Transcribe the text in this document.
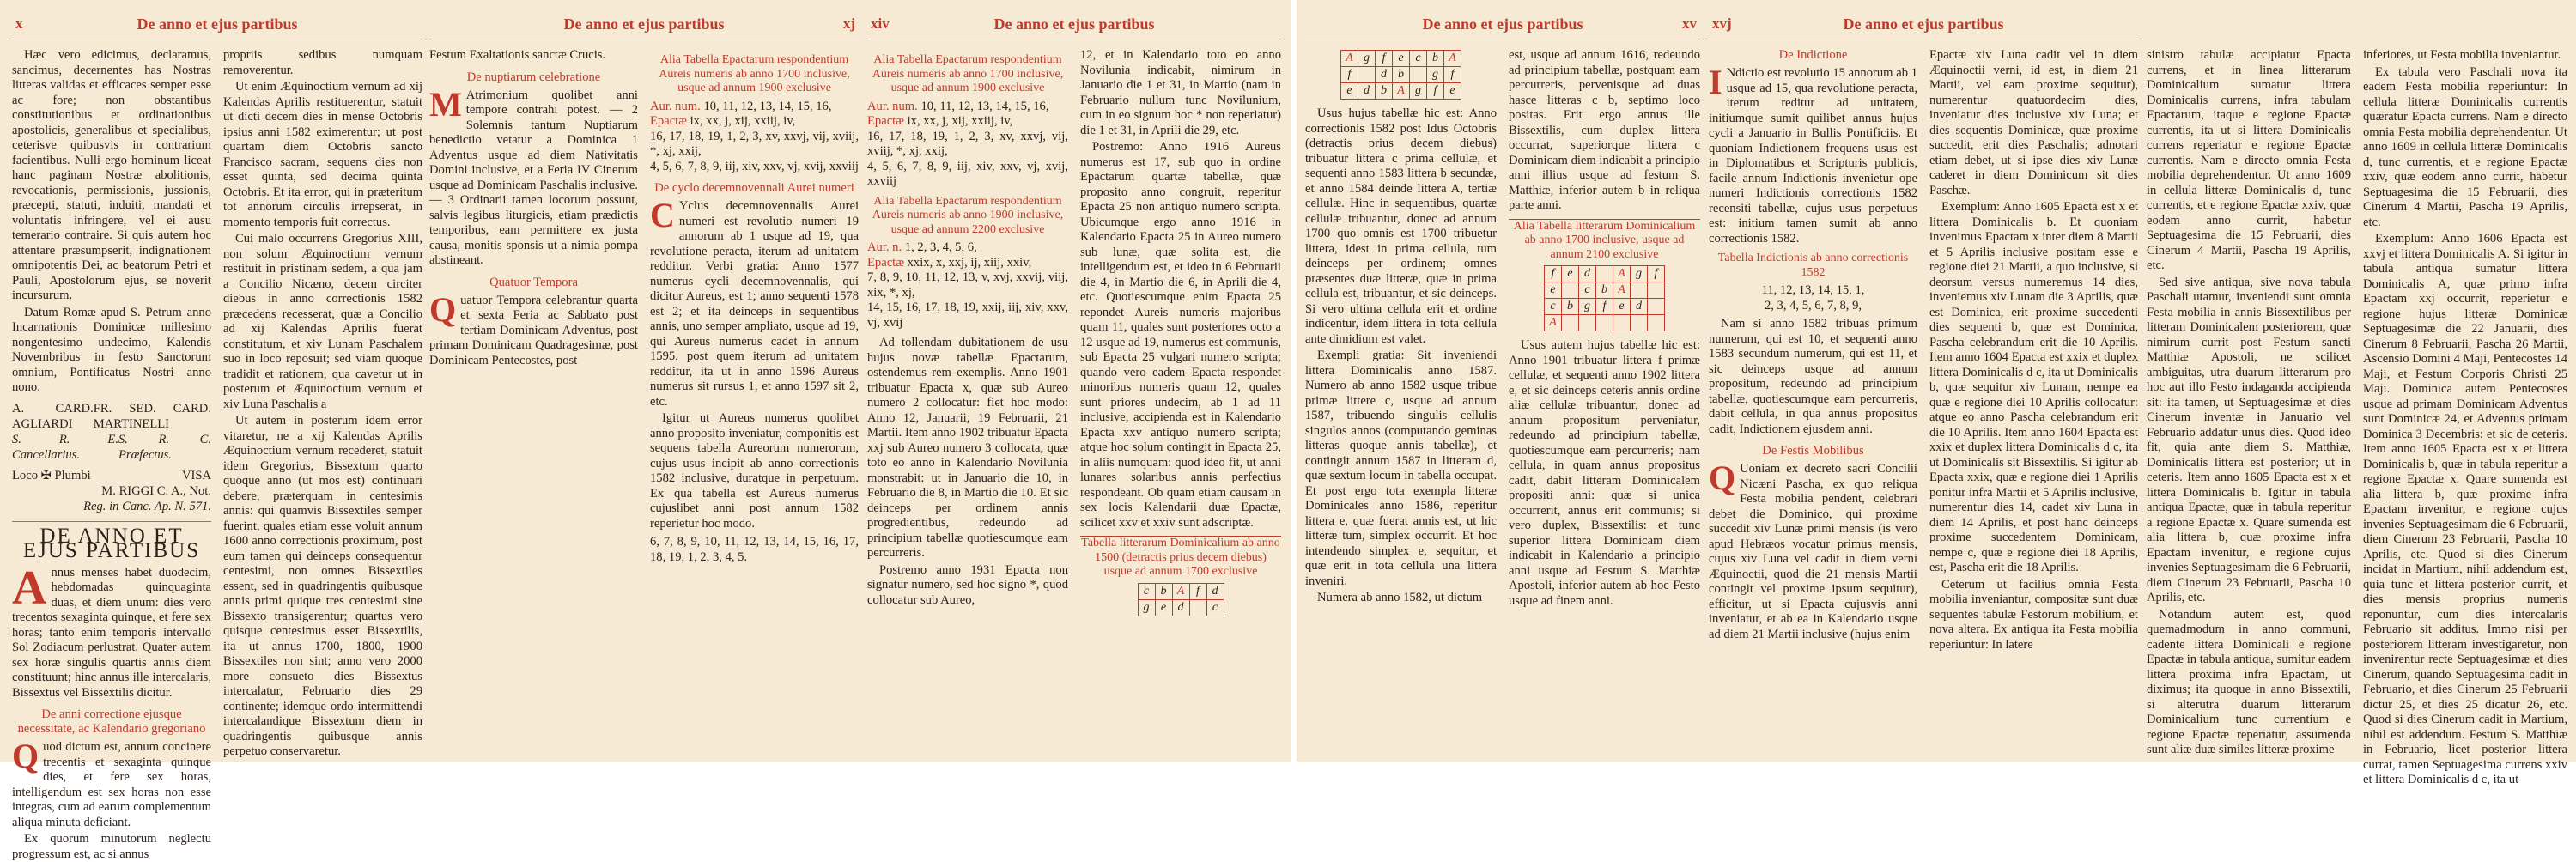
x	De anno et ejus partibus

Hæc vero edicimus, declaramus, sancimus, decernentes has Nostras litteras validas et efficaces semper esse ac fore; non obstantibus constitutionibus et ordinationibus apostolicis, generalibus et specialibus, ceterisve quibusvis in contrarium facientibus. Nulli ergo hominum liceat hanc paginam Nostræ abolitionis, revocationis, permissionis, jussionis, præcepti, statuti, induiti, mandati et voluntatis infringere, vel ei ausu temerario contraire. Si quis autem hoc attentare præsumpserit, indignationem omnipotentis Dei, ac beatorum Petri et Pauli, Apostolorum ejus, se noverit incursurum.

Datum Romæ apud S. Petrum anno Incarnationis Dominicæ millesimo nongentesimo undecimo, Kalendis Novembribus in festo Sanctorum omnium, Pontificatus Nostri anno nono.

A. CARD. AGLIARDI
FR. SED. CARD. MARTINELLI
S. R. E. Cancellarius.
S. R. C. Præfectus.
Loco ✠ Plumbi	VISA
M. RIGGI C. A., Not.
Reg. in Canc. Ap. N. 571.
DE ANNO ET EJUS PARTIBUS

Annus menses habet duodecim, hebdomadas quinquaginta duas, et diem unum: dies vero trecentos sexaginta quinque, et fere sex horas; tanto enim temporis intervallo Sol Zodiacum perlustrat. Quater autem sex horæ singulis quartis annis diem constituunt; hinc annus ille intercalaris, Bissextus vel Bissextilis dicitur.

De anni correctione ejusque necessitate, ac Kalendario gregoriano

Quod dictum est, annum concinere trecentis et sexaginta quinque dies, et fere sex horas, intelligendum est sex horas non esse integras, cum ad earum complementum aliqua minuta deficiant.

Ex quorum minutorum neglectu progressum est, ac si annus

propriis sedibus numquam removerentur.

Ut enim Æquinoctium vernum ad xij Kalendas Aprilis restituerentur, statuit ut dicti decem dies in mense Octobris ipsius anni 1582 eximerentur; ut post quartam diem Octobris sancto Francisco sacram, sequens dies non esset quinta, sed decima quinta Octobris. Et ita error, qui in præteritum tot annorum circulis irrepserat, in momento temporis fuit correctus.

Cui malo occurrens Gregorius XIII, non solum Æquinoctium vernum restituit in pristinam sedem, a qua jam a Concilio Nicæno, decem circiter diebus in anno correctionis 1582 præcedens recesserat, quæ a Concilio ad xij Kalendas Aprilis fuerat constitutum, et xiv Lunam Paschalem suo in loco reposuit; sed viam quoque tradidit et rationem, qua cavetur ut in posterum et Æquinoctium vernum et xiv Luna Paschalis a

Ut autem in posterum idem error vitaretur, ne a xij Kalendas Aprilis Æquinoctium vernum recederet, statuit idem Gregorius, Bissextum quarto quoque anno (ut mos est) continuari debere, præterquam in centesimis annis: qui quamvis Bissextiles semper fuerint, quales etiam esse voluit annum 1600 anno correctionis proximum, post eum tamen qui deinceps consequentur centesimi, non omnes Bissextiles essent, sed in quadringentis quibusque annis primi quique tres centesimi sine Bissexto transigerentur; quartus vero quisque centesimus esset Bissextilis, ita ut annus 1700, 1800, 1900 Bissextiles non sint; anno vero 2000 more consueto dies Bissextus intercalatur, Februario dies 29 continente; idemque ordo intermittendi intercalandique Bissextum diem in quadringentis quibusque annis perpetuo conservaretur.

De anno et ejus partibus	xj

Festum Exaltationis sanctæ Crucis.

De nuptiarum celebratione

M Atrimonium quolibet anni tempore contrahi potest. — 2 Solemnis tantum Nuptiarum benedictio vetatur a Dominica 1 Adventus usque ad diem Nativitatis Domini inclusive, et a Feria IV Cinerum usque ad Dominicam Paschalis inclusive. — 3 Ordinarii tamen locorum possunt, salvis legibus liturgicis, etiam prædictis temporibus, eam permittere ex justa causa, monitis sponsis ut a nimia pompa abstineant.

Quatuor Tempora

Quatuor Tempora celebrantur quarta et sexta Feria ac Sabbato post tertiam Dominicam Adventus, post primam Dominicam Quadragesimæ, post Dominicam Pentecostes, post

Alia Tabella Epactarum respondentium Aureis numeris ab anno 1700 inclusive, usque ad annum 1900 exclusive
Aur. num. 10, 11, 12, 13, 14, 15, 16,
Epactæ ix, xx, j, xij, xxiij, iv,
16, 17, 18, 19, 1, 2, 3, xv, xxvj, vij, xviij, *, xj, xxij,
4, 5, 6, 7, 8, 9, iij, xiv, xxv, vj, xvij, xxviij
De cyclo decemnovennali Aurei numeri

C Yclus decemnovennalis Aurei numeri est revolutio numeri 19 annorum ab 1 usque ad 19, qua revolutione peracta, iterum ad unitatem redditur. Verbi gratia: Anno 1577 numerus cycli decemnovennalis, qui dicitur Aureus, est 1; anno sequenti 1578 est 2; et ita deinceps in sequentibus annis, uno semper ampliato, usque ad 19, qui Aureus numerus cadet in annum 1595, post quem iterum ad unitatem redditur, ita ut in anno 1596 Aureus numerus sit rursus 1, et anno 1597 sit 2, etc.

Igitur ut Aureus numerus quolibet anno proposito inveniatur, componitis est sequens tabella Aureorum numerorum, cujus usus incipit ab anno correctionis 1582 inclusive, duratque in perpetuum. Ex qua tabella est Aureus numerus cujuslibet anni post annum 1582 reperietur hoc modo.

6, 7, 8, 9, 10, 11, 12, 13, 14, 15, 16, 17, 18, 19, 1, 2, 3, 4, 5.
xiv	De anno et ejus partibus
Alia Tabella Epactarum respondentium Aureis numeris ab anno 1700 inclusive, usque ad annum 1900 exclusive
Aur. num. 10, 11, 12, 13, 14, 15, 16,
Epactæ ix, xx, j, xij, xxiij, iv,
16, 17, 18, 19, 1, 2, 3, xv, xxvj, vij, xviij, *, xj, xxij,
4, 5, 6, 7, 8, 9, iij, xiv, xxv, vj, xvij, xxviij
Alia Tabella Epactarum respondentium Aureis numeris ab anno 1900 inclusive, usque ad annum 2200 exclusive
Aur. n. 1, 2, 3, 4, 5, 6,
Epactæ xxix, x, xxj, ij, xiij, xxiv,
7, 8, 9, 10, 11, 12, 13, v, xvj, xxvij, viij, xix, *, xj,
14, 15, 16, 17, 18, 19, xxij, iij, xiv, xxv, vj, xvij

Ad tollendam dubitationem de usu hujus novæ tabellæ Epactarum, ostendemus rem exemplis. Anno 1901 tribuatur Epacta x, quæ sub Aureo numero 2 collocatur: fiet hoc modo: Anno 12, Januarii, 19 Februarii, 21 Martii. Item anno 1902 tribuatur Epacta xxj sub Aureo numero 3 collocata, quæ toto eo anno in Kalendario Novilunia monstrabit: ut in Januario die 10, in Februario die 8, in Martio die 10. Et sic deinceps per ordinem annis progredientibus, redeundo ad principium tabellæ quotiescumque eam percurreris.

Postremo anno 1931 Epacta non signatur numero, sed hoc signo *, quod collocatur sub Aureo,

12, et in Kalendario toto eo anno Novilunia indicabit, nimirum in Januario die 1 et 31, in Martio (nam in Februario nullum tunc Novilunium, cum in eo signum hoc * non reperiatur) die 1 et 31, in Aprili die 29, etc.

Postremo: Anno 1916 Aureus numerus est 17, sub quo in ordine Epactarum quartæ tabellæ, quæ proposito anno congruit, reperitur Epacta 25 non antiquo numero scripta. Ubicumque ergo anno 1916 in Kalendario Epacta 25 in Aureo numero sub lunæ, quæ solita est, die intelligendum est, et ideo in 6 Februarii die 4, in Martio die 6, in Aprili die 4, etc. Quotiescumque enim Epacta 25 repondet Aureis numeris majoribus quam 11, quales sunt posteriores octo a 12 usque ad 19, numerus est communis, sub Epacta 25 vulgari numero scripta; quando vero eadem Epacta respondet minoribus numeris quam 12, quales sunt priores undecim, ab 1 ad 11 inclusive, accipienda est in Kalendario Epacta xxv antiquo numero scripta; atque hoc solum contingit in Epacta 25, in aliis numquam: quod ideo fit, ut anni lunares solaribus annis perfectius respondeant. Ob quam etiam causam in sex locis Kalendarii duæ Epactæ, scilicet xxv et xxiv sunt adscriptæ.

Tabella litterarum Dominicalium ab anno 1500 (detractis prius decem diebus) usque ad annum 1700 exclusive
c	b	A	f	d
g	e	d		c
De anno et ejus partibus	xv
A	g	f	e	c	b	A
f		d	b		g	f
e	d	b	A	g	f	e

Usus hujus tabellæ hic est: Anno correctionis 1582 post Idus Octobris (detractis prius decem diebus) tribuatur littera c prima cellulæ, et sequenti anno 1583 littera b secundæ, et anno 1584 deinde littera A, tertiæ cellulæ. Hinc in sequentibus, quartæ cellulæ tribuantur, donec ad annum 1700 quo omnis est 1700 tribuetur littera, idest in prima cellula, tum deinceps per ordinem; omnes præsentes duæ litteræ, quæ in prima cellula est, tribuantur, et sic deinceps. Si vero ultima cellula erit et ordine indicentur, idem littera in tota cellula ante dimidium est valet.

Exempli gratia: Sit inveniendi littera Dominicalis anno 1587. Numero ab anno 1582 usque tribue primæ littere c, usque ad annum 1587, tribuendo singulis cellulis singulos annos (computando geminas litteras quoque annis tabellæ), et contingit annum 1587 in litteram d, quæ sextum locum in tabella occupat. Et post ergo tota exempla litteræ Dominicales anno 1586, reperitur littera e, quæ fuerat annis est, ut hic litteræ tum, simplex occurrit. Et hoc intendendo simplex e, sequitur, et quæ erit in tota cellula una littera inveniri.

Numera ab anno 1582, ut dictum

est, usque ad annum 1616, redeundo ad principium tabellæ, postquam eam percurreris, pervenisque ad duas hasce litteras c b, septimo loco positas. Erit ergo annus ille Bissextilis, cum duplex littera occurrat, superiorque littera c Dominicam diem indicabit a principio anni illius usque ad festum S. Matthiæ, inferior autem b in reliqua parte anni.

Alia Tabella litterarum Dominicalium ab anno 1700 inclusive, usque ad annum 2100 exclusive
f	e	d		A	g	f
e		c	b	A		
c	b	g	f	e	d	
A						

Usus autem hujus tabellæ hic est: Anno 1901 tribuatur littera f primæ cellulæ, et sequenti anno 1902 littera e, et sic deinceps ceteris annis ordine aliæ cellulæ tribuantur, donec ad annum propositum perveniatur, redeundo ad principium tabellæ, quotiescumque eam percurreris; nam cellula, in quam annus propositus cadit, dabit litteram Dominicalem propositi anni: quæ si unica occurrerit, annus erit communis; si vero duplex, Bissextilis: et tunc superior littera Dominicam diem indicabit in Kalendario a principio anni usque ad Festum S. Matthiæ Apostoli, inferior autem ab hoc Festo usque ad finem anni.

xvj	De anno et ejus partibus
De Indictione

I Ndictio est revolutio 15 annorum ab 1 usque ad 15, qua revolutione peracta, iterum reditur ad unitatem, initiumque sumit quilibet annus hujus cycli a Januario in Bullis Pontificiis. Et quoniam Indictionem frequens usus est in Diplomatibus et Scripturis publicis, facile annum Indictionis invenietur ope numeri Indictionis correctionis 1582 recensiti tabellæ, cujus usus perpetuus est: initium tamen sumit ab anno correctionis 1582.

Tabella Indictionis ab anno correctionis 1582
11, 12, 13, 14, 15, 1,
2, 3, 4, 5, 6, 7, 8, 9,

Nam si anno 1582 tribuas primum numerum, qui est 10, et sequenti anno 1583 secundum numerum, qui est 11, et sic deinceps usque ad annum propositum, redeundo ad principium tabellæ, quotiescumque eam percurreris, dabit cellula, in qua annus propositus cadit, Indictionem ejusdem anni.

De Festis Mobilibus

Q Uoniam ex decreto sacri Concilii Nicæni Pascha, ex quo reliqua Festa mobilia pendent, celebrari debet die Dominico, qui proxime succedit xiv Lunæ primi mensis (is vero apud Hebræos vocatur primus mensis, cujus xiv Luna vel cadit in diem verni Æquinoctii, quod die 21 mensis Martii contingit vel proxime ipsum sequitur), efficitur, ut si Epacta cujusvis anni inveniatur, et ab ea in Kalendario usque ad diem 21 Martii inclusive (hujus enim

Epactæ xiv Luna cadit vel in diem Æquinoctii verni, id est, in diem 21 Martii, vel eam proxime sequitur), numerentur quatuordecim dies, inveniatur dies inclusive xiv Luna; et dies sequentis Dominicæ, quæ proxime succedit, erit dies Paschalis; adnotari etiam debet, ut si ipse dies xiv Lunæ caderet in diem Dominicum sit dies Paschæ.

Exemplum: Anno 1605 Epacta est x et littera Dominicalis b. Et quoniam invenimus Epactam x inter diem 8 Martii et 5 Aprilis inclusive positam esse e regione diei 21 Martii, a quo inclusive, si deorsum versus numeremus 14 dies, inveniemus xiv Lunam die 3 Aprilis, quæ est Dominica, erit proxime succedenti dies sequenti b, quæ est Dominica, Pascha celebrandum erit die 10 Aprilis. Item anno 1604 Epacta est xxix et duplex littera Dominicalis d c, ita ut Dominicalis b, quæ sequitur xiv Lunam, nempe ea quæ e regione diei 10 Aprilis collocatur: atque eo anno Pascha celebrandum erit die 10 Aprilis. Item anno 1604 Epacta est xxix et duplex littera Dominicalis d c, ita ut Dominicalis sit Bissextilis. Si igitur ab Epacta xxix, quæ e regione diei 1 Aprilis ponitur infra Martii et 5 Aprilis inclusive, numerentur dies 14, cadet xiv Luna in diem 14 Aprilis, et post hanc deinceps proxime succedentem Dominicam, nempe c, quæ e regione diei 18 Aprilis, est, Pascha erit die 18 Aprilis.

Ceterum ut facilius omnia Festa mobilia inveniantur, compositæ sunt duæ sequentes tabulæ Festorum mobilium, et nova altera. Ex antiqua ita Festa mobilia reperiuntur: In latere

sinistro tabulæ accipiatur Epacta currens, et in linea litterarum Dominicalium sumatur littera Dominicalis currens, infra tabulam Epactarum, itaque e regione Epactæ currentis, ita ut si littera Dominicalis currens reperiatur e regione Epactæ currentis. Nam e directo omnia Festa mobilia deprehendentur. Ut anno 1609 in cellula litteræ Dominicalis d, tunc currentis, et e regione Epactæ xxiv, quæ eodem anno currit, habetur Septuagesima die 15 Februarii, dies Cinerum 4 Martii, Pascha 19 Aprilis, etc.

Sed sive antiqua, sive nova tabula Paschali utamur, inveniendi sunt omnia Festa mobilia in annis Bissextilibus per litteram Dominicalem posteriorem, quæ nimirum currit post Festum sancti Matthiæ Apostoli, ne scilicet ambiguitas, utra duarum litterarum pro hoc aut illo Festo indaganda accipienda sit: ita tamen, ut Septuagesimæ et dies Cinerum inventæ in Januario vel Februario addatur unus dies. Quod ideo fit, quia ante diem S. Matthiæ, Dominicalis littera est posterior; ut in ceteris. Item anno 1605 Epacta est x et littera Dominicalis b. Igitur in tabula antiqua Epactæ, quæ in tabula reperitur a regione Epactæ x. Quare sumenda est alia littera b, quæ proxime infra Epactam invenitur, e regione cujus invenies Septuagesimam die 6 Februarii, diem Cinerum 23 Februarii, Pascha 10 Aprilis, etc.

Notandum autem est, quod quemadmodum in anno communi, cadente littera Dominicali e regione Epactæ in tabula antiqua, sumitur eadem littera proxima infra Epactam, ut diximus; ita quoque in anno Bissextili, si alterutra duarum litterarum Dominicalium tunc currentium e regione Epactæ reperiatur, assumenda sunt aliæ duæ similes litteræ proxime

inferiores, ut Festa mobilia inveniantur.

Ex tabula vero Paschali nova ita eadem Festa mobilia reperiuntur: In cellula litteræ Dominicalis currentis quæratur Epacta currens. Nam e directo omnia Festa mobilia deprehendentur. Ut anno 1609 in cellula litteræ Dominicalis d, tunc currentis, et e regione Epactæ xxiv, quæ eodem anno currit, habetur Septuagesima die 15 Februarii, dies Cinerum 4 Martii, Pascha 19 Aprilis, etc.

Exemplum: Anno 1606 Epacta est xxvj et littera Dominicalis A. Si igitur in tabula antiqua sumatur littera Dominicalis A, quæ primo infra Epactam xxj occurrit, reperietur e regione hujus litteræ Dominicæ Septuagesimæ die 22 Januarii, dies Cinerum 8 Februarii, Pascha 26 Martii, Ascensio Domini 4 Maji, Pentecostes 14 Maji, et Festum Corporis Christi 25 Maji. Dominica autem Pentecostes usque ad primam Dominicam Adventus sunt Dominicæ 24, et Adventus primam Dominica 3 Decembris: et sic de ceteris. Item anno 1605 Epacta est x et littera Dominicalis b, quæ in tabula reperitur a regione Epactæ x. Quare sumenda est alia littera b, quæ proxime infra Epactam invenitur, e regione cujus invenies Septuagesimam die 6 Februarii, diem Cinerum 23 Februarii, Pascha 10 Aprilis, etc. Quod si dies Cinerum incidat in Martium, nihil addendum est, quia tunc et littera posterior currit, et dies mensis proprius numeris reponuntur, cum dies intercalaris Februario sit additus. Immo nisi per posteriorem litteram investigaretur, non invenirentur recte Septuagesimæ et dies Cinerum, quando Septuagesima cadit in Februario, et dies Cinerum 25 Februarii dictur 25, et dies 25 dicatur 26, etc. Quod si dies Cinerum cadit in Martium, nihil est addendum. Festum S. Matthiæ in Februario, licet posterior littera currat, tamen Septuagesima currens xxiv et littera Dominicalis d c, ita ut
